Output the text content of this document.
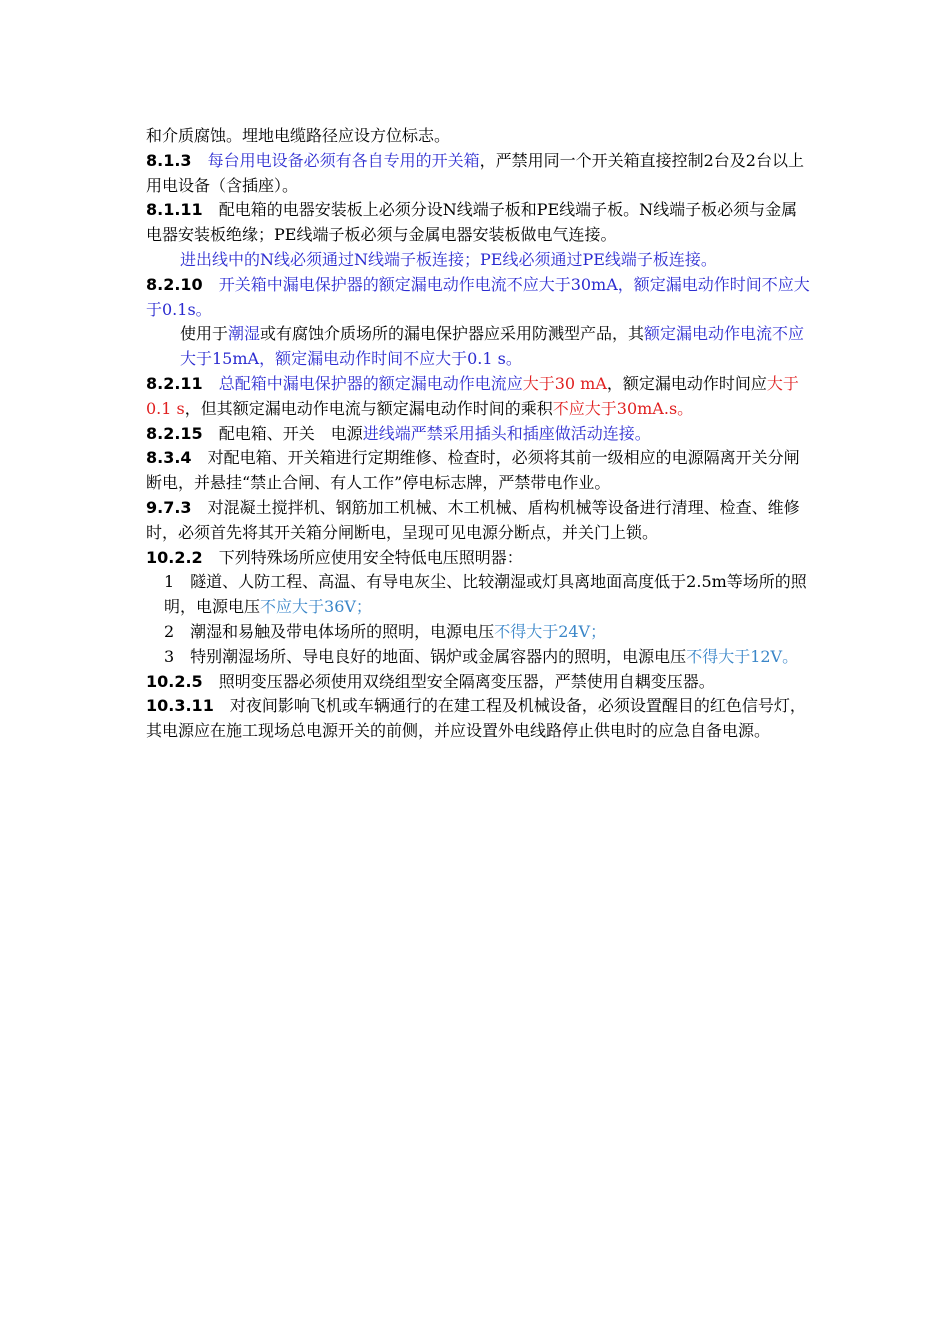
和介质腐蚀。埋地电缆路径应设方位标志。

8.1.3　每台用电设备必须有各自专用的开关箱，严禁用同一个开关箱直接控制2台及2台以上用电设备（含插座）。

8.1.11　配电箱的电器安装板上必须分设N线端子板和PE线端子板。N线端子板必须与金属电器安装板绝缘；PE线端子板必须与金属电器安装板做电气连接。

进出线中的N线必须通过N线端子板连接；PE线必须通过PE线端子板连接。

8.2.10　开关箱中漏电保护器的额定漏电动作电流不应大于30mA，额定漏电动作时间不应大于0.1s。

使用于潮湿或有腐蚀介质场所的漏电保护器应采用防溅型产品，其额定漏电动作电流不应大于15mA，额定漏电动作时间不应大于0.1 s。

8.2.11　总配箱中漏电保护器的额定漏电动作电流应大于30 mA，额定漏电动作时间应大于0.1 s，但其额定漏电动作电流与额定漏电动作时间的乘积不应大于30mA.s。

8.2.15　配电箱、开关　电源进线端严禁采用插头和插座做活动连接。

8.3.4　对配电箱、开关箱进行定期维修、检查时，必须将其前一级相应的电源隔离开关分闸断电，并悬挂“禁止合闸、有人工作”停电标志牌，严禁带电作业。

9.7.3　对混凝土搅拌机、钢筋加工机械、木工机械、盾构机械等设备进行清理、检查、维修时，必须首先将其开关箱分闸断电，呈现可见电源分断点，并关门上锁。

10.2.2　下列特殊场所应使用安全特低电压照明器：

1　隧道、人防工程、高温、有导电灰尘、比较潮湿或灯具离地面高度低于2.5m等场所的照明，电源电压不应大于36V；

2　潮湿和易触及带电体场所的照明，电源电压不得大于24V；

3　特别潮湿场所、导电良好的地面、锅炉或金属容器内的照明，电源电压不得大于12V。

10.2.5　照明变压器必须使用双绕组型安全隔离变压器，严禁使用自耦变压器。

10.3.11　对夜间影响飞机或车辆通行的在建工程及机械设备，必须设置醒目的红色信号灯，其电源应在施工现场总电源开关的前侧，并应设置外电线路停止供电时的应急自备电源。
